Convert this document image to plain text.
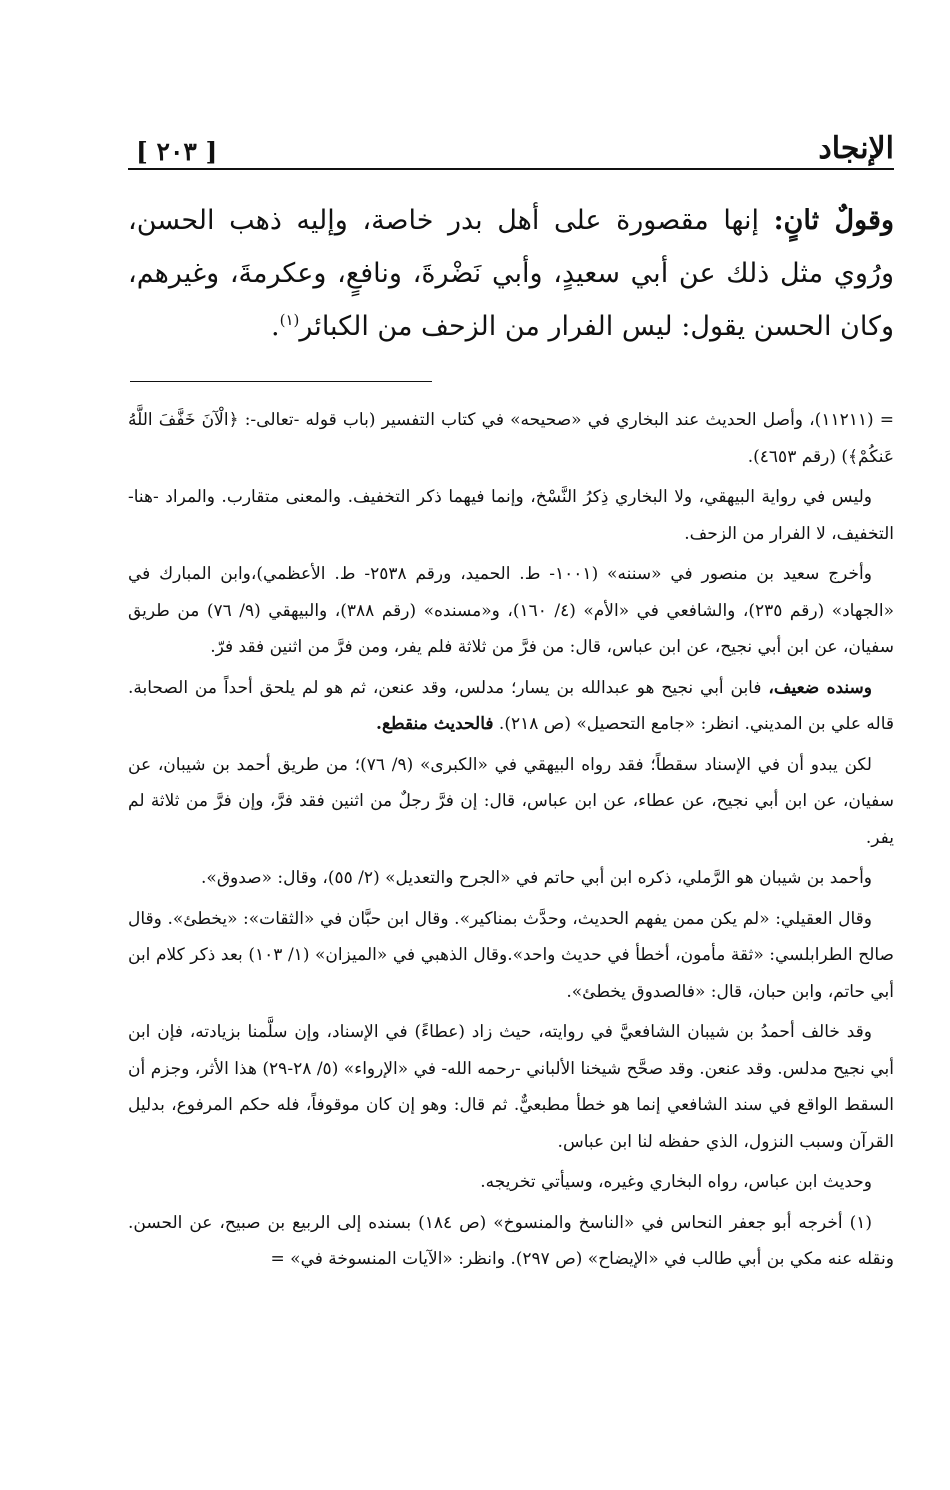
الإنجاد
[ ٢٠٣ ]
وقولٌ ثانٍ: إنها مقصورة على أهل بدر خاصة، وإليه ذهب الحسن، ورُوي مثل ذلك عن أبي سعيدٍ، وأبي نَضْرةَ، ونافعٍ، وعكرمةَ، وغيرهم، وكان الحسن يقول: ليس الفرار من الزحف من الكبائر$^{(١)}$.

= (١١٢١١)، وأصل الحديث عند البخاري في «صحيحه» في كتاب التفسير (باب قوله -تعالى-: ﴿الْآنَ خَفَّفَ اللَّهُ عَنكُمْ﴾) (رقم ٤٦٥٣).

وليس في رواية البيهقي، ولا البخاري ذِكرُ النَّسْخ، وإنما فيهما ذكر التخفيف. والمعنى متقارب. والمراد -هنا- التخفيف، لا الفرار من الزحف.

وأخرج سعيد بن منصور في «سننه» (١٠٠١- ط. الحميد، ورقم ٢٥٣٨- ط. الأعظمي)،وابن المبارك في «الجهاد» (رقم ٢٣٥)، والشافعي في «الأم» (٤/ ١٦٠)، و«مسنده» (رقم ٣٨٨)، والبيهقي (٩/ ٧٦) من طريق سفيان، عن ابن أبي نجيح، عن ابن عباس، قال: من فرَّ من ثلاثة فلم يفر، ومن فرَّ من اثنين فقد فرّ.

وسنده ضعيف، فابن أبي نجيح هو عبدالله بن يسار؛ مدلس، وقد عنعن، ثم هو لم يلحق أحداً من الصحابة. قاله علي بن المديني. انظر: «جامع التحصيل» (ص ٢١٨). فالحديث منقطع.

لكن يبدو أن في الإسناد سقطاً؛ فقد رواه البيهقي في «الكبرى» (٩/ ٧٦)؛ من طريق أحمد بن شيبان، عن سفيان، عن ابن أبي نجيح، عن عطاء، عن ابن عباس، قال: إن فرَّ رجلٌ من اثنين فقد فرَّ، وإن فرَّ من ثلاثة لم يفر.

وأحمد بن شيبان هو الرَّملي، ذكره ابن أبي حاتم في «الجرح والتعديل» (٢/ ٥٥)، وقال: «صدوق».

وقال العقيلي: «لم يكن ممن يفهم الحديث، وحدَّث بمناكير». وقال ابن حبَّان في «الثقات»: «يخطئ». وقال صالح الطرابلسي: «ثقة مأمون، أخطأ في حديث واحد».وقال الذهبي في «الميزان» (١/ ١٠٣) بعد ذكر كلام ابن أبي حاتم، وابن حبان، قال: «فالصدوق يخطئ».

وقد خالف أحمدُ بن شيبان الشافعيَّ في روايته، حيث زاد (عطاءً) في الإسناد، وإن سلَّمنا بزيادته، فإن ابن أبي نجيح مدلس. وقد عنعن. وقد صحَّح شيخنا الألباني -رحمه الله- في «الإرواء» (٥/ ٢٨-٢٩) هذا الأثر، وجزم أن السقط الواقع في سند الشافعي إنما هو خطأ مطبعيٌّ. ثم قال: وهو إن كان موقوفاً، فله حكم المرفوع، بدليل القرآن وسبب النزول، الذي حفظه لنا ابن عباس.

وحديث ابن عباس، رواه البخاري وغيره، وسيأتي تخريجه.

(١) أخرجه أبو جعفر النحاس في «الناسخ والمنسوخ» (ص ١٨٤) بسنده إلى الربيع بن صبيح، عن الحسن. ونقله عنه مكي بن أبي طالب في «الإيضاح» (ص ٢٩٧). وانظر: «الآيات المنسوخة في» =
